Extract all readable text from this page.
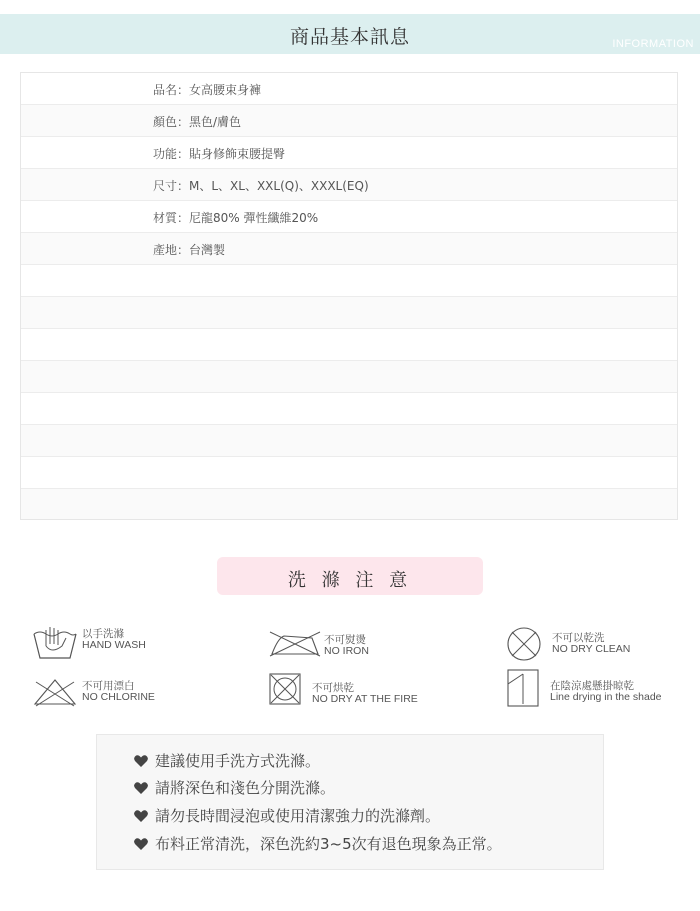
商品基本訊息	INFORMATION
品名：女高腰束身褲
顏色：黑色/膚色
功能：貼身修飾束腰提臀
尺寸：M、L、XL、XXL(Q)、XXXL(EQ)
材質：尼龍80% 彈性纖維20%
產地：台灣製
洗 滌 注 意
以手洗滌
HAND WASH	不可熨燙
NO IRON
不可以乾洗
NO DRY CLEAN
不可用漂白
NO CHLORINE
不可烘乾
NO DRY AT THE FIRE
在陰涼處懸掛晾乾
Line drying in the shade
建議使用手洗方式洗滌。
請將深色和淺色分開洗滌。
請勿長時間浸泡或使用清潔強力的洗滌劑。
布料正常清洗，深色洗約3~5次有退色現象為正常。
